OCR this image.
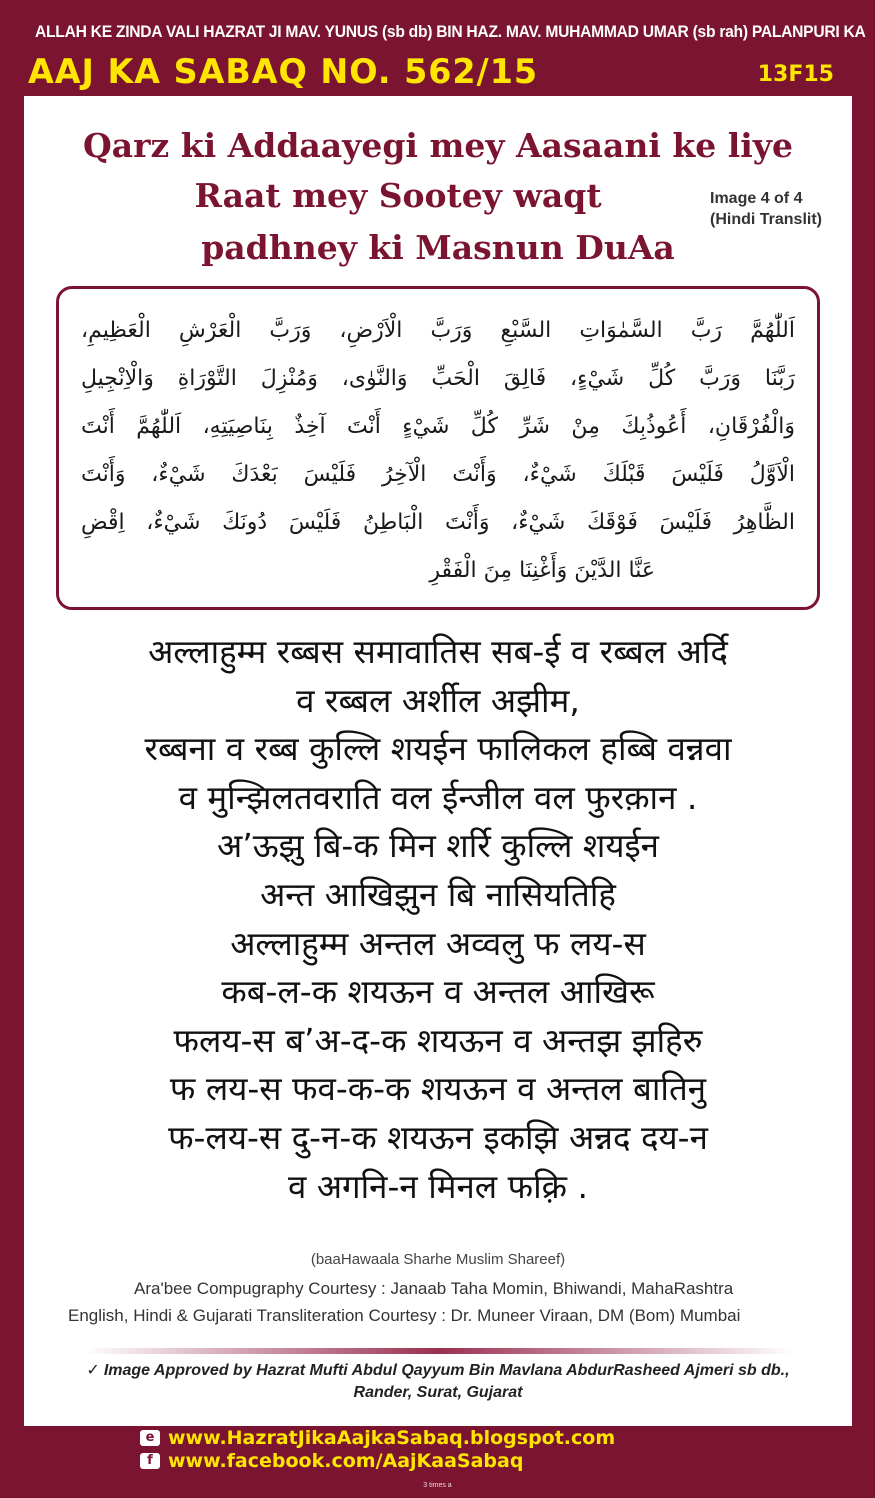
ALLAH KE ZINDA VALI HAZRAT JI MAV. YUNUS (sb db) BIN HAZ. MAV. MUHAMMAD UMAR (sb rah) PALANPURI KA
AAJ KA SABAQ NO. 562/15	13F15
Qarz ki Addaayegi mey Aasaani ke liye
Raat mey Sootey waqt
padhney ki Masnun DuAa
Image 4 of 4
(Hindi Translit)
اَللّٰهُمَّ رَبَّ السَّمٰوَاتِ السَّبْعِ وَرَبَّ الْاَرْضِ، وَرَبَّ الْعَرْشِ الْعَظِيمِ،
رَبَّنَا وَرَبَّ كُلِّ شَيْءٍ، فَالِقَ الْحَبِّ وَالنَّوٰى، وَمُنْزِلَ التَّوْرَاةِ وَالْاِنْجِيلِ
وَالْفُرْقَانِ، أَعُوذُبِكَ مِنْ شَرِّ كُلِّ شَيْءٍ أَنْتَ آخِذٌ بِنَاصِيَتِهِ، اَللّٰهُمَّ أَنْتَ
الْاَوَّلُ فَلَيْسَ قَبْلَكَ شَيْءٌ، وَأَنْتَ الْآخِرُ فَلَيْسَ بَعْدَكَ شَيْءٌ، وَأَنْتَ
الظَّاهِرُ فَلَيْسَ فَوْقَكَ شَيْءٌ، وَأَنْتَ الْبَاطِنُ فَلَيْسَ دُونَكَ شَيْءٌ، اِقْضِ
عَنَّا الدَّيْنَ وَأَغْنِنَا مِنَ الْفَقْرِ
अल्लाहुम्म रब्बस समावातिस सब-ई व रब्बल अर्दि
व रब्बल अर्शील अझीम,
रब्बना व रब्ब कुल्लि शयईन फालिकल हब्बि वन्नवा
व मुन्झिलतवराति वल ईन्जील वल फुरक़ान .
अ’ऊझु बि-क मिन शर्रि कुल्लि शयईन
अन्त आखिझुन बि नासियतिहि
अल्लाहुम्म अन्तल अव्वलु फ लय-स
कब-ल-क शयऊन व अन्तल आखिरू
फलय-स ब’अ-द-क शयऊन व अन्तझ झहिरु
फ लय-स फव-क-क शयऊन व अन्तल बातिनु
फ-लय-स दु-न-क शयऊन इकझि अन्नद दय-न
व अगनि-न मिनल फक़्रि .
(baaHawaala Sharhe Muslim Shareef)
Ara'bee Compugraphy Courtesy : Janaab Taha Momin, Bhiwandi, MahaRashtra
English, Hindi & Gujarati Transliteration Courtesy : Dr. Muneer Viraan, DM (Bom) Mumbai
✓ Image Approved by Hazrat Mufti Abdul Qayyum Bin Mavlana AbdurRasheed Ajmeri sb db.,
Rander, Surat, Gujarat
e www.HazratJikaAajkaSabaq.blogspot.com
f www.facebook.com/AajKaaSabaq
3 times a
